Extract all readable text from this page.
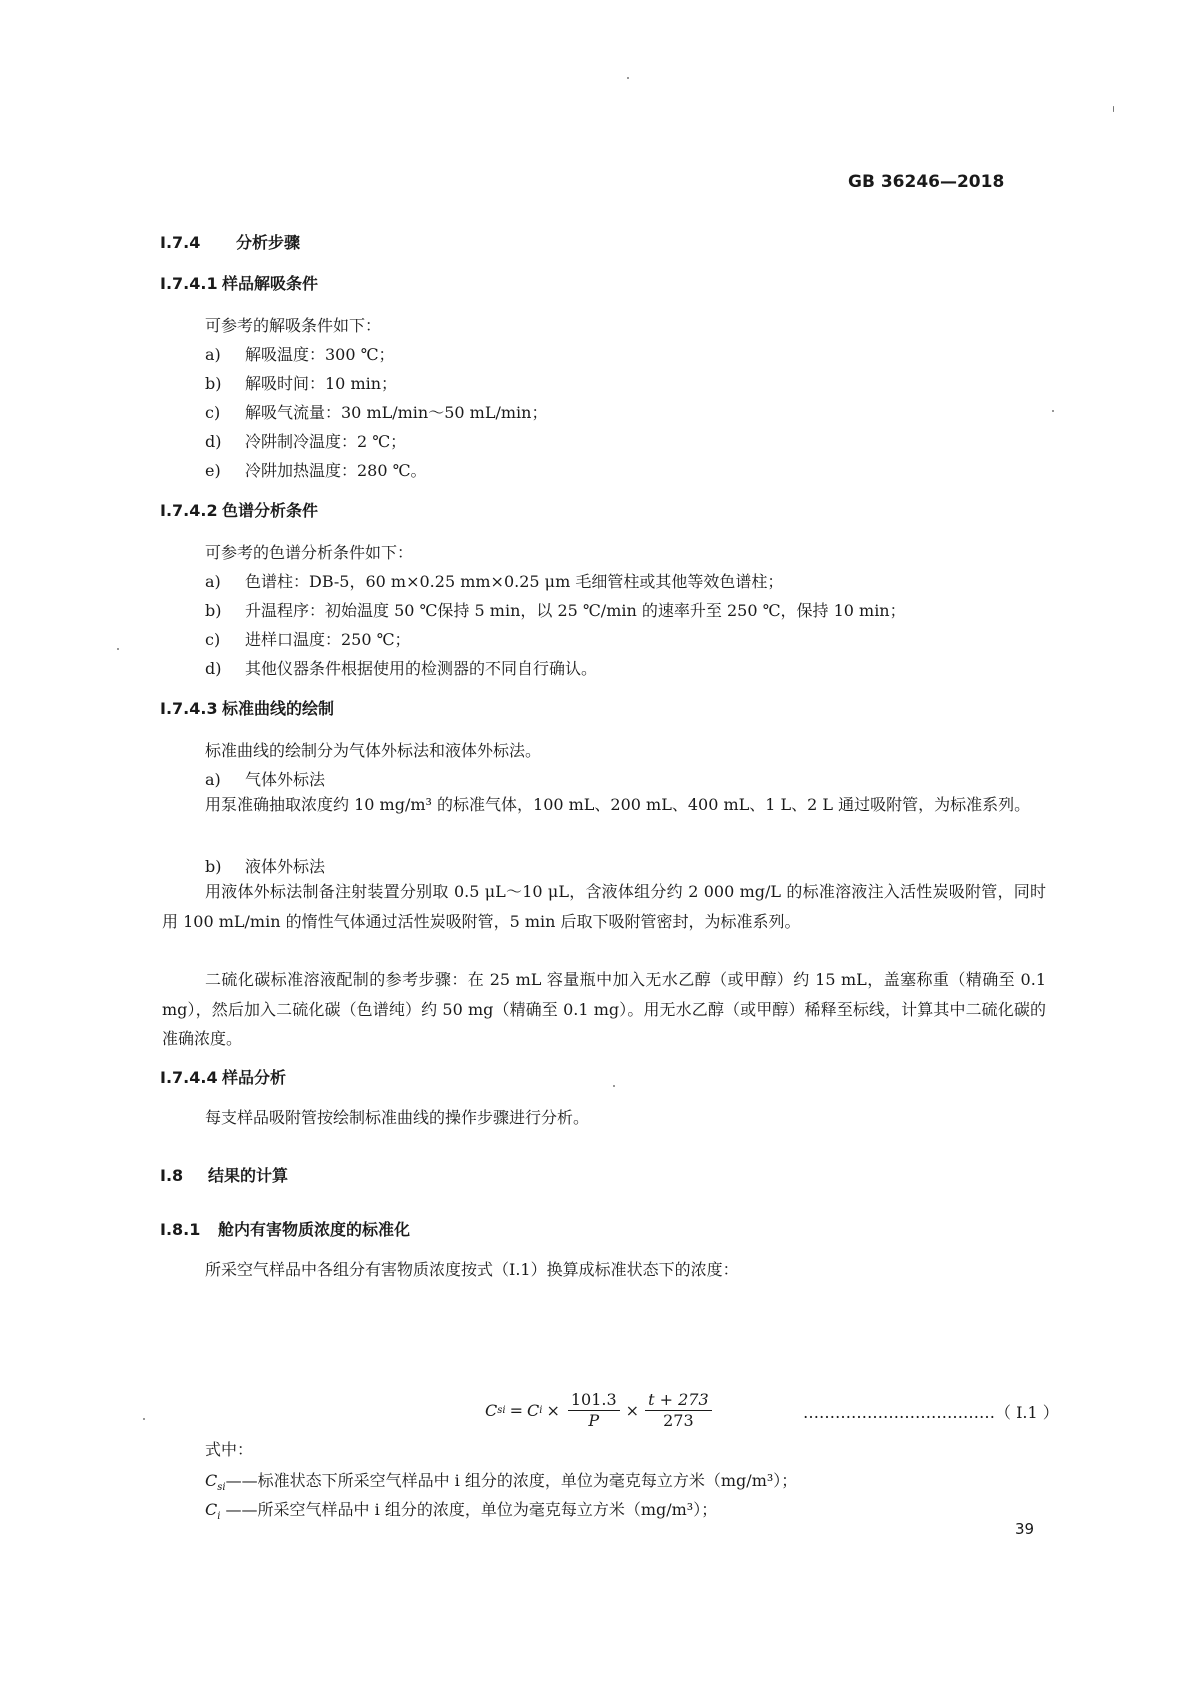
GB 36246—2018
I.7.4 分析步骤
I.7.4.1 样品解吸条件
可参考的解吸条件如下：
a) 解吸温度：300 ℃；
b) 解吸时间：10 min；
c) 解吸气流量：30 mL/min～50 mL/min；
d) 冷阱制冷温度：2 ℃；
e) 冷阱加热温度：280 ℃。
I.7.4.2 色谱分析条件
可参考的色谱分析条件如下：
a) 色谱柱：DB-5，60 m×0.25 mm×0.25 μm 毛细管柱或其他等效色谱柱；
b) 升温程序：初始温度 50 ℃保持 5 min，以 25 ℃/min 的速率升至 250 ℃，保持 10 min；
c) 进样口温度：250 ℃；
d) 其他仪器条件根据使用的检测器的不同自行确认。
I.7.4.3 标准曲线的绘制
标准曲线的绘制分为气体外标法和液体外标法。
a) 气体外标法
用泵准确抽取浓度约 10 mg/m³ 的标准气体，100 mL、200 mL、400 mL、1 L、2 L 通过吸附管，为标准系列。
b) 液体外标法
用液体外标法制备注射装置分别取 0.5 μL～10 μL，含液体组分约 2 000 mg/L 的标准溶液注入活性炭吸附管，同时用 100 mL/min 的惰性气体通过活性炭吸附管，5 min 后取下吸附管密封，为标准系列。
二硫化碳标准溶液配制的参考步骤：在 25 mL 容量瓶中加入无水乙醇（或甲醇）约 15 mL，盖塞称重（精确至 0.1 mg），然后加入二硫化碳（色谱纯）约 50 mg（精确至 0.1 mg）。用无水乙醇（或甲醇）稀释至标线，计算其中二硫化碳的准确浓度。
I.7.4.4 样品分析
每支样品吸附管按绘制标准曲线的操作步骤进行分析。
I.8 结果的计算
I.8.1 舱内有害物质浓度的标准化
所采空气样品中各组分有害物质浓度按式（I.1）换算成标准状态下的浓度：
C si = C $i \times \frac{101.3}{P} \times \frac{t + 273}{273}$	………………………………（ I.1 ）
式中：
$C_{si}——$标准状态下所采空气样品中 i 组分的浓度，单位为毫克每立方米（mg/m³）；
$C_i$ ——所采空气样品中 i 组分的浓度，单位为毫克每立方米（mg/m³）；
39
